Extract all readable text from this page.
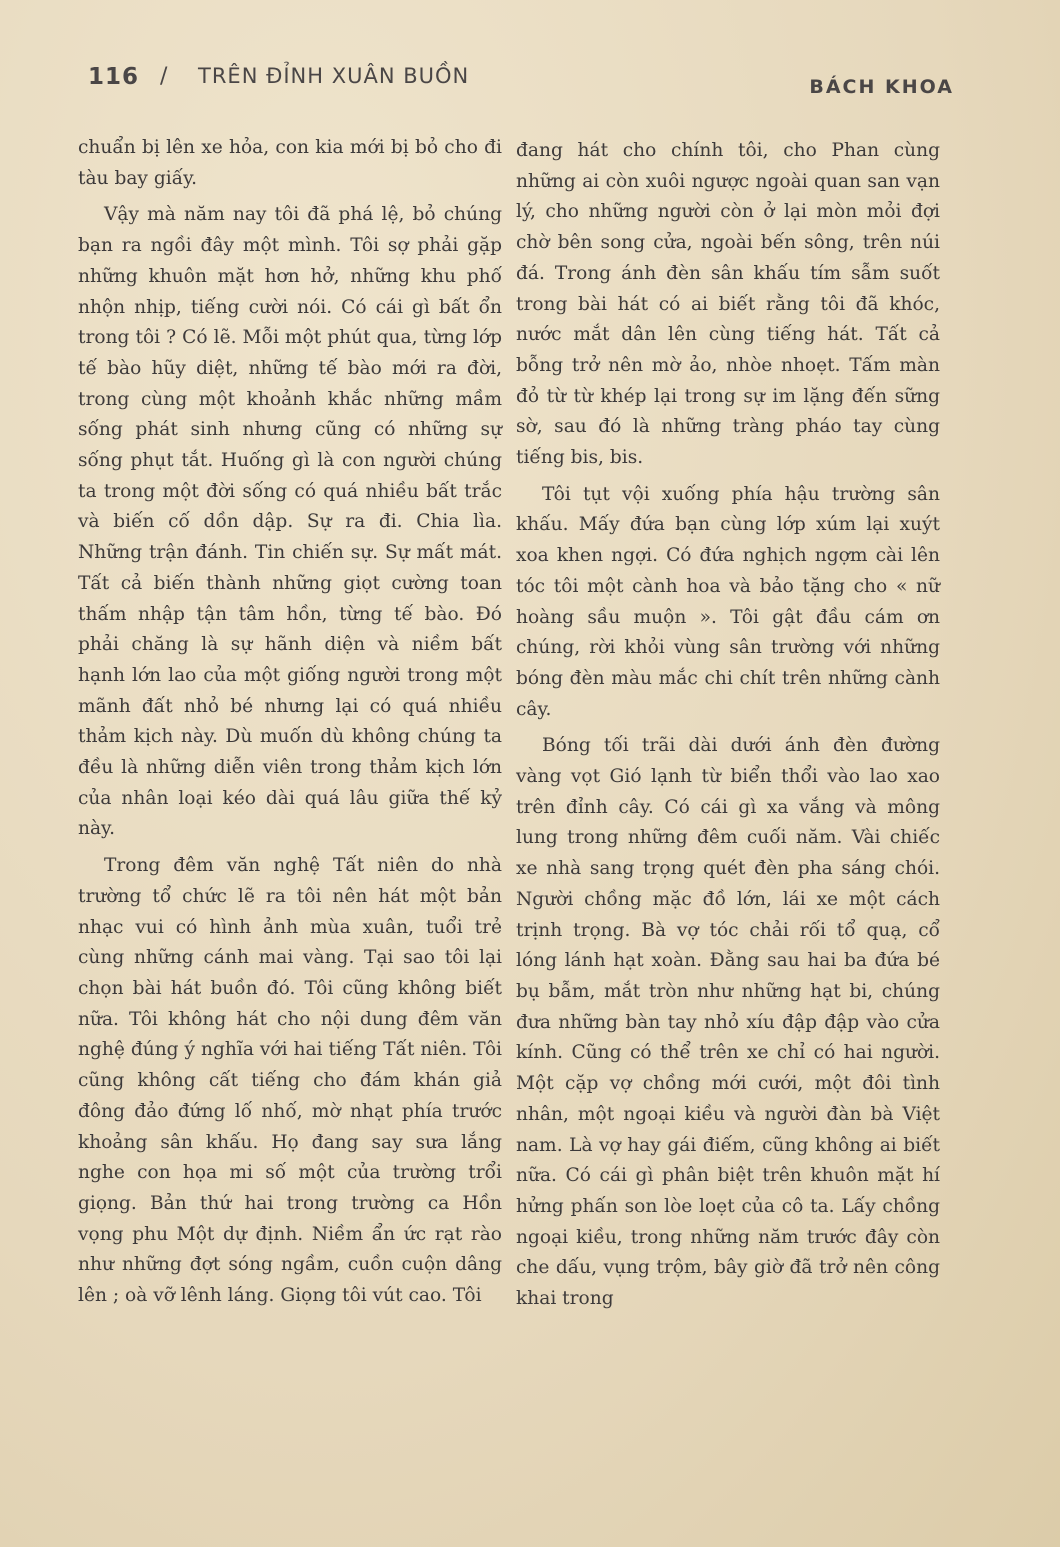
116 / TRÊN ĐỈNH XUÂN BUỒN	BÁCH KHOA

chuẩn bị lên xe hỏa, con kia mới bị bỏ cho đi tàu bay giấy.

Vậy mà năm nay tôi đã phá lệ, bỏ chúng bạn ra ngồi đây một mình. Tôi sợ phải gặp những khuôn mặt hơn hở, những khu phố nhộn nhịp, tiếng cười nói. Có cái gì bất ổn trong tôi ? Có lẽ. Mỗi một phút qua, từng lớp tế bào hũy diệt, những tế bào mới ra đời, trong cùng một khoảnh khắc những mầm sống phát sinh nhưng cũng có những sự sống phụt tắt. Huống gì là con người chúng ta trong một đời sống có quá nhiều bất trắc và biến cố dồn dập. Sự ra đi. Chia lìa. Những trận đánh. Tin chiến sự. Sự mất mát. Tất cả biến thành những giọt cường toan thấm nhập tận tâm hồn, từng tế bào. Đó phải chăng là sự hãnh diện và niềm bất hạnh lớn lao của một giống người trong một mãnh đất nhỏ bé nhưng lại có quá nhiều thảm kịch này. Dù muốn dù không chúng ta đều là những diễn viên trong thảm kịch lớn của nhân loại kéo dài quá lâu giữa thế kỷ này.

Trong đêm văn nghệ Tất niên do nhà trường tổ chức lẽ ra tôi nên hát một bản nhạc vui có hình ảnh mùa xuân, tuổi trẻ cùng những cánh mai vàng. Tại sao tôi lại chọn bài hát buồn đó. Tôi cũng không biết nữa. Tôi không hát cho nội dung đêm văn nghệ đúng ý nghĩa với hai tiếng Tất niên. Tôi cũng không cất tiếng cho đám khán giả đông đảo đứng lố nhố, mờ nhạt phía trước khoảng sân khấu. Họ đang say sưa lắng nghe con họa mi số một của trường trổi giọng. Bản thứ hai trong trường ca Hồn vọng phu Một dự định. Niềm ẩn ức rạt rào như những đợt sóng ngầm, cuồn cuộn dâng lên ; oà vỡ lênh láng. Giọng tôi vút cao. Tôi

đang hát cho chính tôi, cho Phan cùng những ai còn xuôi ngược ngoài quan san vạn lý, cho những người còn ở lại mòn mỏi đợi chờ bên song cửa, ngoài bến sông, trên núi đá. Trong ánh đèn sân khấu tím sẫm suốt trong bài hát có ai biết rằng tôi đã khóc, nước mắt dân lên cùng tiếng hát. Tất cả bỗng trở nên mờ ảo, nhòe nhoẹt. Tấm màn đỏ từ từ khép lại trong sự im lặng đến sững sờ, sau đó là những tràng pháo tay cùng tiếng bis, bis.

Tôi tụt vội xuống phía hậu trường sân khấu. Mấy đứa bạn cùng lớp xúm lại xuýt xoa khen ngợi. Có đứa nghịch ngợm cài lên tóc tôi một cành hoa và bảo tặng cho « nữ hoàng sầu muộn ». Tôi gật đầu cám ơn chúng, rời khỏi vùng sân trường với những bóng đèn màu mắc chi chít trên những cành cây.

Bóng tối trãi dài dưới ánh đèn đường vàng vọt Gió lạnh từ biển thổi vào lao xao trên đỉnh cây. Có cái gì xa vắng và mông lung trong những đêm cuối năm. Vài chiếc xe nhà sang trọng quét đèn pha sáng chói. Người chồng mặc đồ lớn, lái xe một cách trịnh trọng. Bà vợ tóc chải rối tổ quạ, cổ lóng lánh hạt xoàn. Đằng sau hai ba đứa bé bụ bẫm, mắt tròn như những hạt bi, chúng đưa những bàn tay nhỏ xíu đập đập vào cửa kính. Cũng có thể trên xe chỉ có hai người. Một cặp vợ chồng mới cưới, một đôi tình nhân, một ngoại kiều và người đàn bà Việt nam. Là vợ hay gái điếm, cũng không ai biết nữa. Có cái gì phân biệt trên khuôn mặt hí hửng phấn son lòe loẹt của cô ta. Lấy chồng ngoại kiều, trong những năm trước đây còn che dấu, vụng trộm, bây giờ đã trở nên công khai trong
